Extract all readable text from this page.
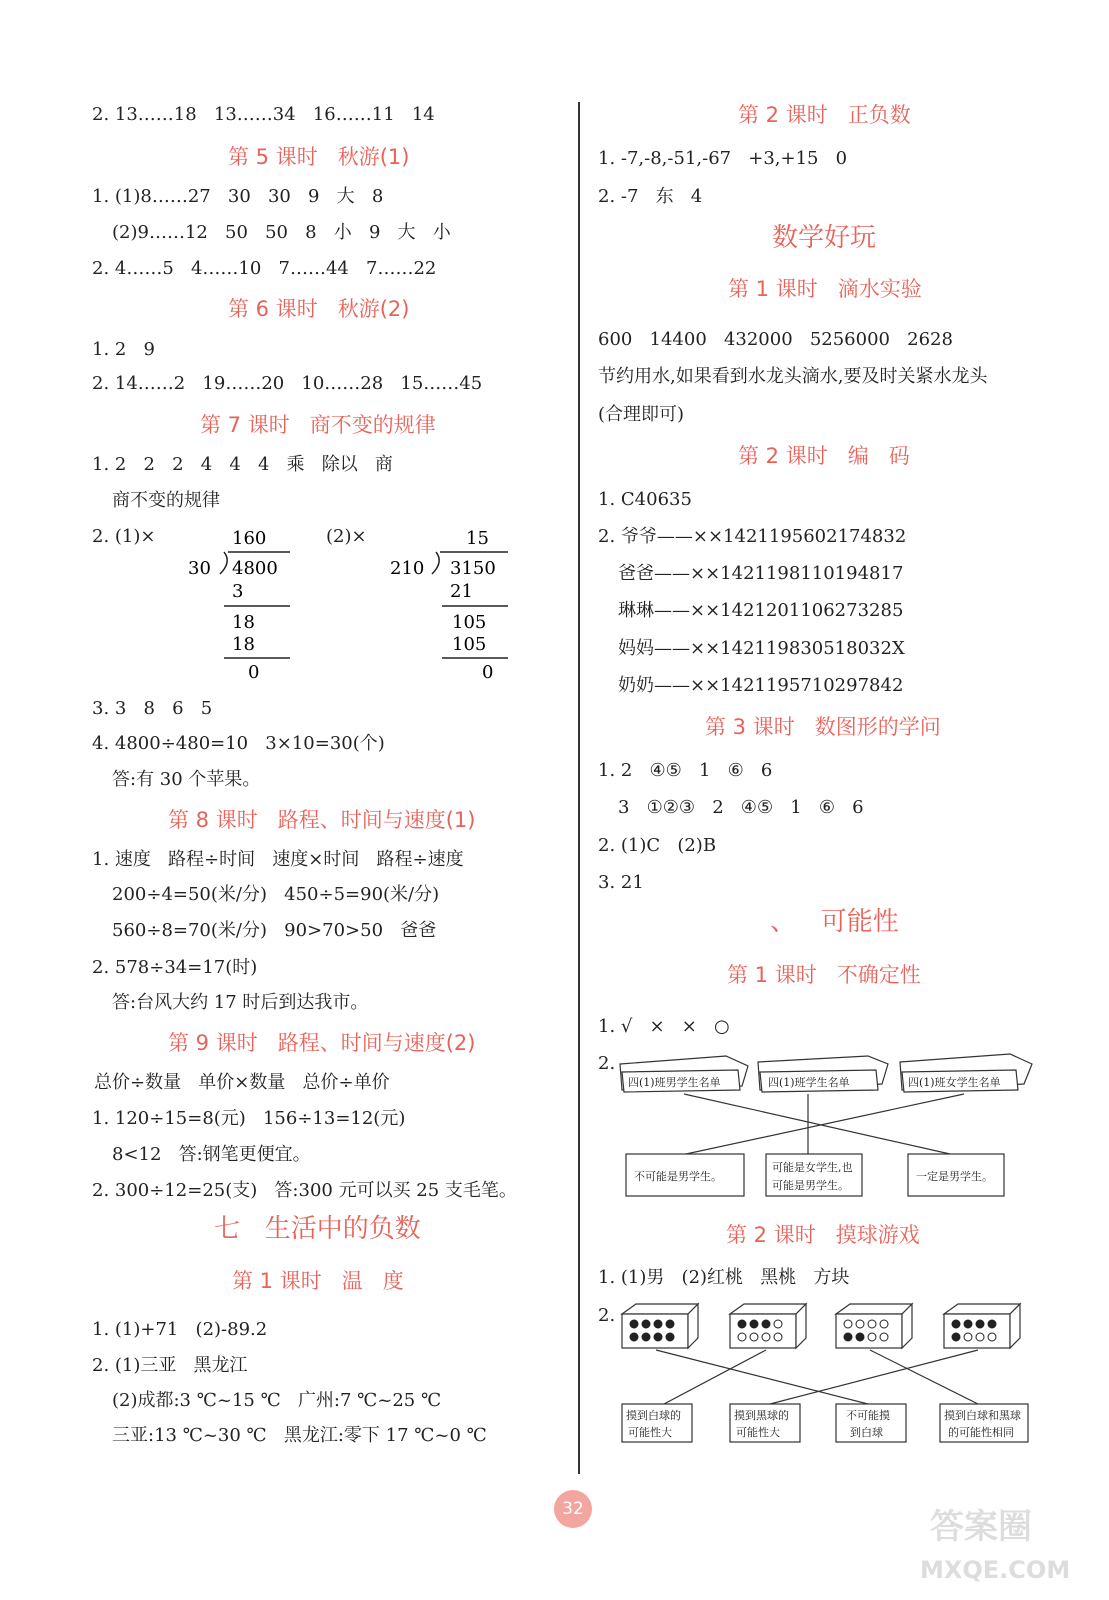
2. 13……18   13……34   16……11   14
第 5 课时   秋游(1)
1. (1)8……27   30   30   9   大   8
(2)9……12   50   50   8   小   9   大   小
2. 4……5   4……10   7……44   7……22
第 6 课时   秋游(2)
1. 2   9
2. 14……2   19……20   10……28   15……45
第 7 课时   商不变的规律
1. 2   2   2   4   4   4   乘   除以   商
商不变的规律
2. (1)×	(2)×
160
30 4800
3
18
18
0
15
210 3150
21
105
105
0
3. 3   8   6   5
4. 4800÷480=10   3×10=30(个)
答:有 30 个苹果。
第 8 课时   路程、时间与速度(1)
1. 速度   路程÷时间   速度×时间   路程÷速度
200÷4=50(米/分)   450÷5=90(米/分)
560÷8=70(米/分)   90>70>50   爸爸
2. 578÷34=17(时)
答:台风大约 17 时后到达我市。
第 9 课时   路程、时间与速度(2)
总价÷数量   单价×数量   总价÷单价
1. 120÷15=8(元)   156÷13=12(元)
8<12   答:钢笔更便宜。
2. 300÷12=25(支)   答:300 元可以买 25 支毛笔。
七   生活中的负数
第 1 课时   温   度
1. (1)+71   (2)-89.2
2. (1)三亚   黑龙江
(2)成都:3 ℃~15 ℃   广州:7 ℃~25 ℃
三亚:13 ℃~30 ℃   黑龙江:零下 17 ℃~0 ℃
第 2 课时   正负数
1. -7,-8,-51,-67   +3,+15   0
2. -7   东   4
数学好玩
第 1 课时   滴水实验
600   14400   432000   5256000   2628
节约用水,如果看到水龙头滴水,要及时关紧水龙头
(合理即可)
第 2 课时   编   码
1. C40635
2. 爷爷——××1421195602174832
爸爸——××1421198110194817
琳琳——××1421201106273285
妈妈——××142119830518032X
奶奶——××1421195710297842
第 3 课时   数图形的学问
1. 2   ④⑤   1   ⑥   6
3   ①②③   2   ④⑤   1   ⑥   6
2. (1)C   (2)B
3. 21
、   可能性
第 1 课时   不确定性
1. √   ×   ×   ○
2.
四(1)班男学生名单	四(1)班学生名单	四(1)班女学生名单
不可能是男学生。
可能是女学生,也
可能是男学生。
一定是男学生。
第 2 课时   摸球游戏
1. (1)男   (2)红桃   黑桃   方块
2.
摸到白球的
可能性大
摸到黑球的
可能性大
不可能摸
到白球
摸到白球和黑球
的可能性相同
32	答案圈
MXQE.COM
